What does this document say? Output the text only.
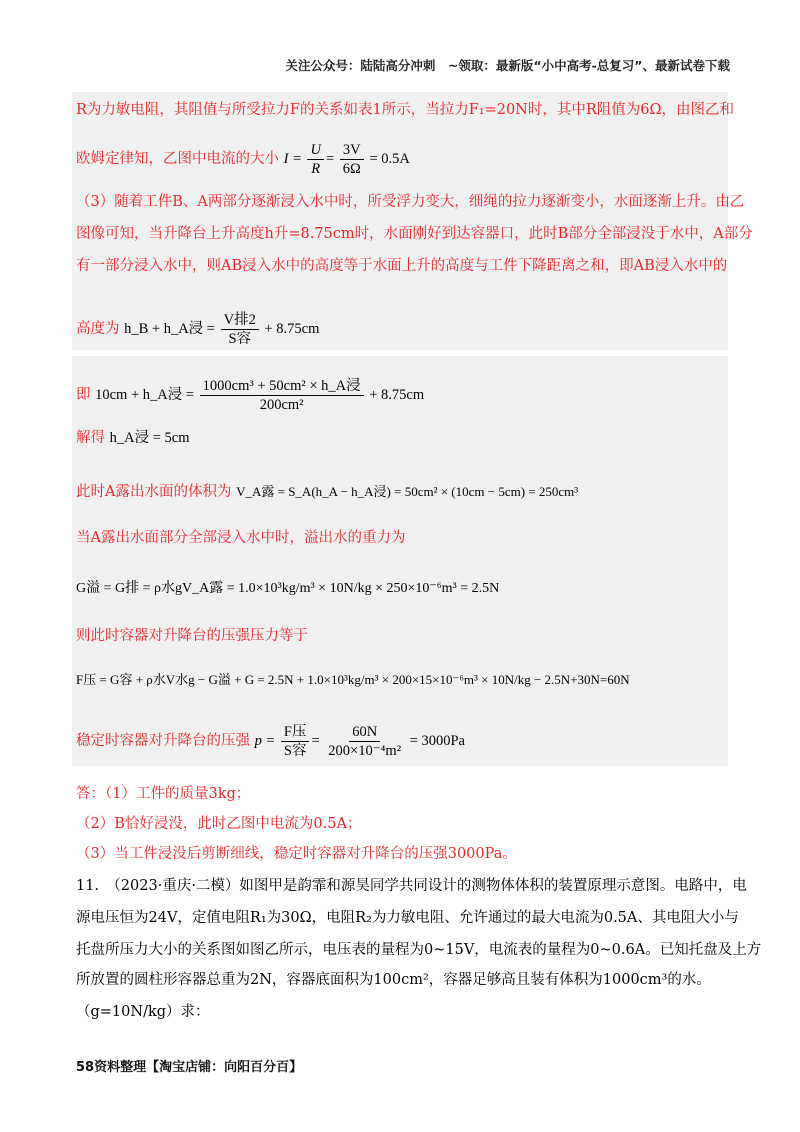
关注公众号：陆陆高分冲刺　~领取：最新版“小中高考-总复习”、最新试卷下载
R为力敏电阻，其阻值与所受拉力F的关系如表1所示，当拉力F₁=20N时，其中R阻值为6Ω，由图乙和
欧姆定律知，乙图中电流的大小 $I = \frac{U}{R} = \frac{3V}{6\Omega} = 0.5A$
（3）随着工件B、A两部分逐渐浸入水中时，所受浮力变大，细绳的拉力逐渐变小，水面逐渐上升。由乙
图像可知，当升降台上升高度h升=8.75cm时，水面刚好到达容器口，此时B部分全部浸没于水中，A部分
有一部分浸入水中，则AB浸入水中的高度等于水面上升的高度与工件下降距离之和，即AB浸入水中的
高度为 h_B + h_A浸 = $\frac{\text{V排2}}{\text{S容}} + 8.75cm$
即 10cm + h_A浸 = $\frac{\text{1000cm³ + 50cm² × h\_A浸}}{\text{200cm²}} + 8.75cm$
解得 h_A浸 = 5cm
此时A露出水面的体积为 V_A露 = S_A(h_A − h_A浸) = 50cm² × (10cm − 5cm) = 250cm³
当A露出水面部分全部浸入水中时，溢出水的重力为
G溢 = G排 = ρ水gV_A露 = 1.0×10³kg/m³ × 10N/kg × 250×10⁻⁶m³ = 2.5N
则此时容器对升降台的压强压力等于
F压 = G容 + ρ水V水g − G溢 + G = 2.5N + 1.0×10³kg/m³ × 200×15×10⁻⁶m³ × 10N/kg − 2.5N+30N=60N
稳定时容器对升降台的压强 $p = \frac{\text{F压}}{\text{S容}} = \frac{60N}{\text{200×10⁻⁴m²}} = 3000Pa$
答：（1）工件的质量3kg；
（2）B恰好浸没，此时乙图中电流为0.5A；
（3）当工件浸没后剪断细线，稳定时容器对升降台的压强3000Pa。
11.　（2023·重庆·二模）如图甲是韵霏和源昊同学共同设计的测物体体积的装置原理示意图。电路中，电
源电压恒为24V，定值电阻R₁为30Ω，电阻R₂为力敏电阻、允许通过的最大电流为0.5A、其电阻大小与
托盘所压力大小的关系图如图乙所示，电压表的量程为0~15V，电流表的量程为0~0.6A。已知托盘及上方
所放置的圆柱形容器总重为2N，容器底面积为100cm²，容器足够高且装有体积为1000cm³的水。
（g=10N/kg）求：
58资料整理【淘宝店铺：向阳百分百】
